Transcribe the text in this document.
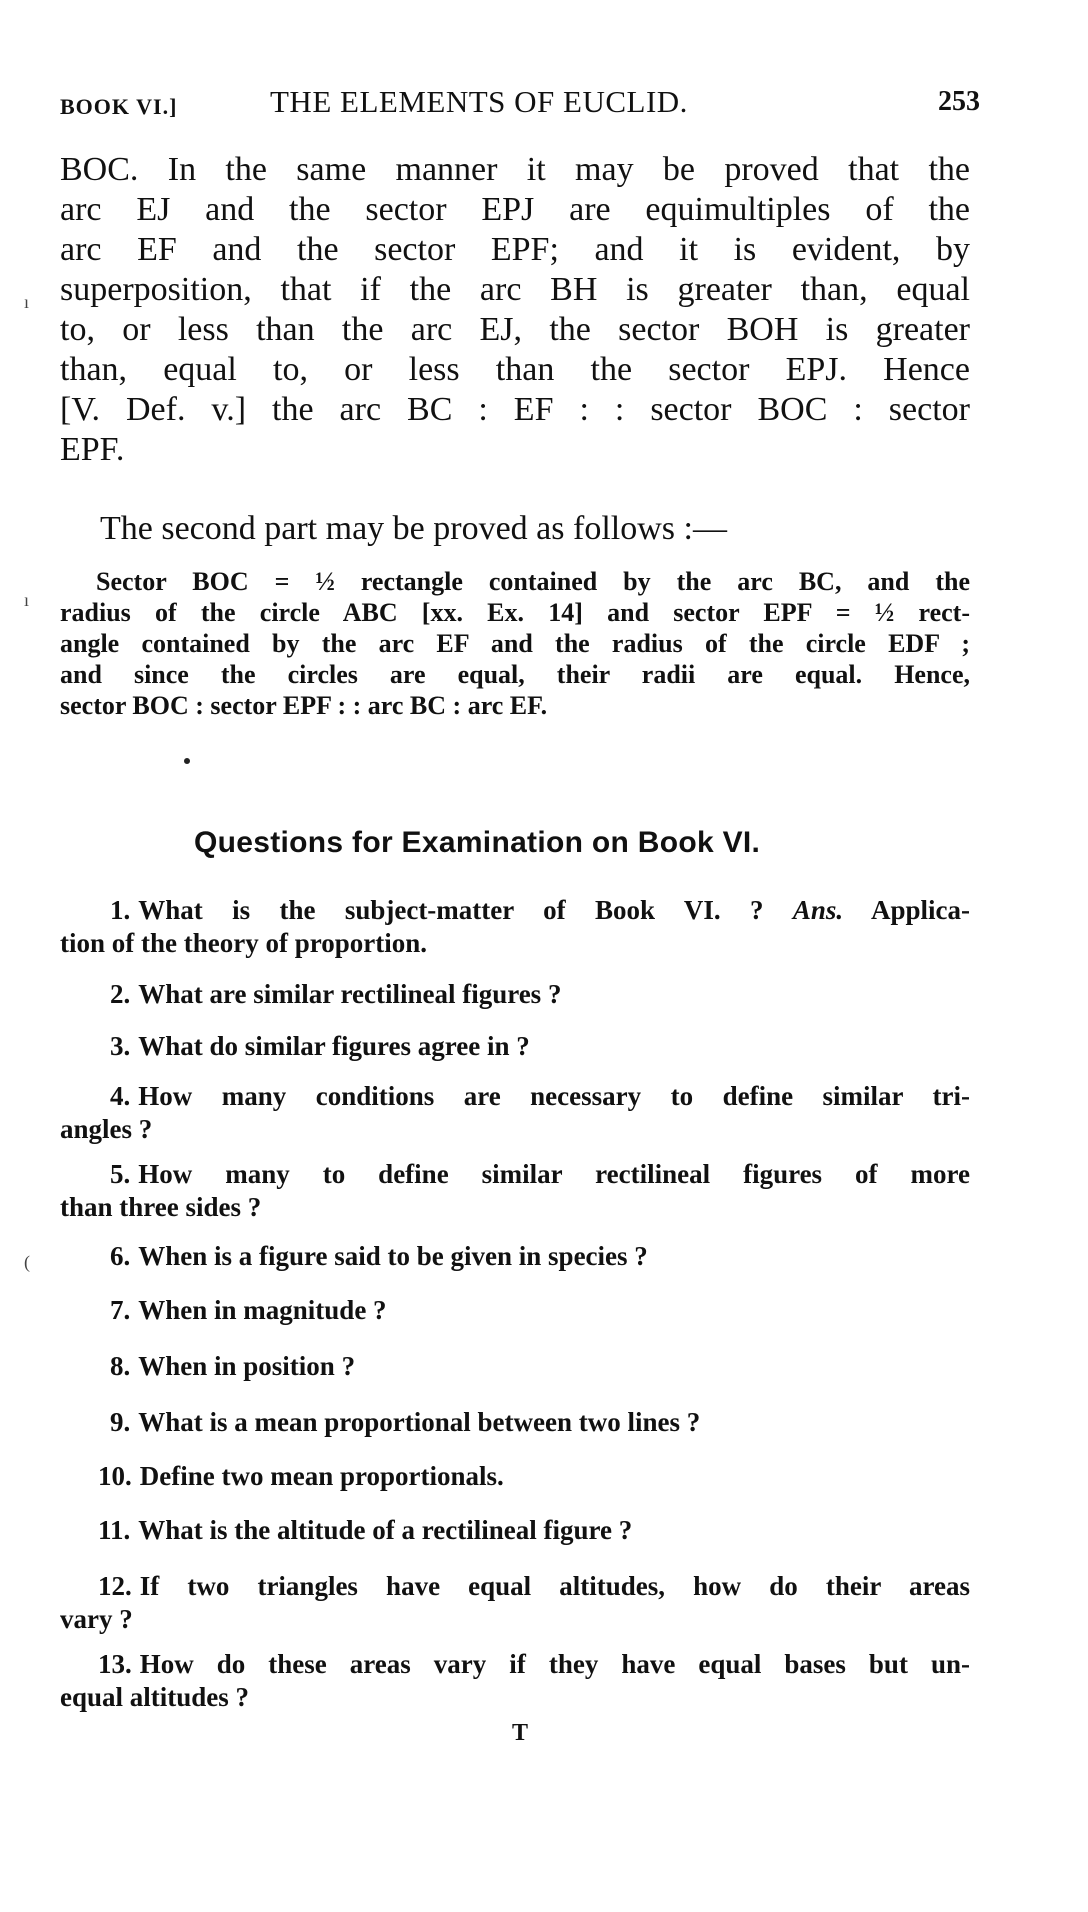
BOOK VI.]	THE ELEMENTS OF EUCLID.	253

BOC. In the same manner it may be proved that the
arc EJ and the sector EPJ are equimultiples of the
arc EF and the sector EPF; and it is evident, by
superposition, that if the arc BH is greater than, equal
to, or less than the arc EJ, the sector BOH is greater
than, equal to, or less than the sector EPJ. Hence
[V. Def. v.] the arc BC : EF : : sector BOC : sector
EPF.

The second part may be proved as follows :—

Sector BOC = ½ rectangle contained by the arc BC, and the
radius of the circle ABC [xx. Ex. 14] and sector EPF = ½ rect-
angle contained by the arc EF and the radius of the circle EDF ;
and since the circles are equal, their radii are equal. Hence,
sector BOC : sector EPF : : arc BC : arc EF.

Questions for Examination on Book VI.
1. What is the subject-matter of Book VI. ? Ans. Applica-
tion of the theory of proportion.
2. What are similar rectilineal figures ?
3. What do similar figures agree in ?
4. How many conditions are necessary to define similar tri-
angles ?
5. How many to define similar rectilineal figures of more
than three sides ?
6. When is a figure said to be given in species ?
7. When in magnitude ?
8. When in position ?
9. What is a mean proportional between two lines ?
10. Define two mean proportionals.
11. What is the altitude of a rectilineal figure ?
12. If two triangles have equal altitudes, how do their areas
vary ?
13. How do these areas vary if they have equal bases but un-
equal altitudes ?
T
ı
ı
(
